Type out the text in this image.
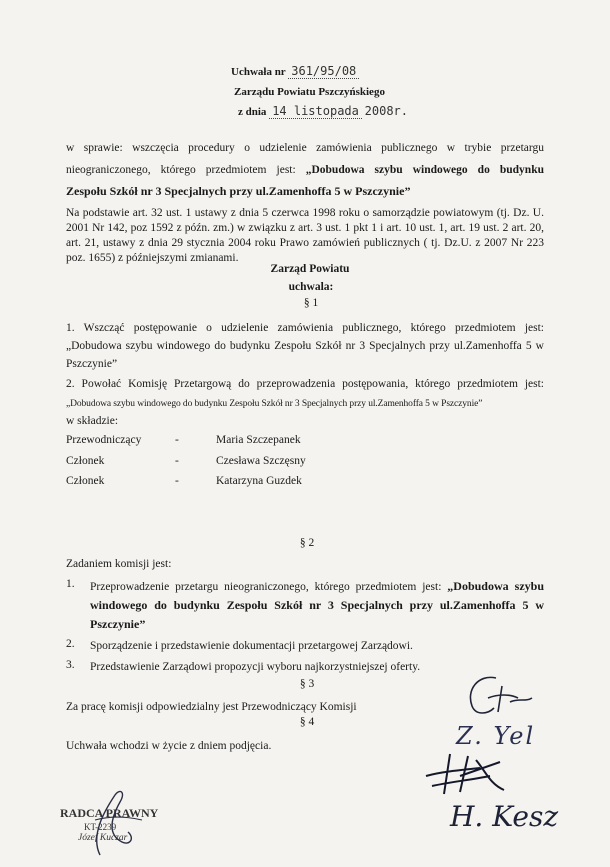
Uchwała nr 361/95/08
Zarządu Powiatu Pszczyńskiego
z dnia 14 listopada 2008r.
w sprawie: wszczęcia procedury o udzielenie zamówienia publicznego w trybie przetargu
nieograniczonego, którego przedmiotem jest: „Dobudowa szybu windowego do budynku
Zespołu Szkół nr 3 Specjalnych przy ul.Zamenhoffa 5 w Pszczynie”
Na podstawie art. 32 ust. 1 ustawy z dnia 5 czerwca 1998 roku o samorządzie powiatowym (tj. Dz. U.
2001 Nr 142, poz 1592 z późn. zm.) w związku z art. 3 ust. 1 pkt 1 i art. 10 ust. 1, art. 19 ust. 2 art. 20,
art. 21, ustawy z dnia 29 stycznia 2004 roku Prawo zamówień publicznych ( tj. Dz.U. z 2007 Nr 223
poz. 1655) z późniejszymi zmianami.
Zarząd Powiatu
uchwala:
§ 1
1. Wszcząć postępowanie o udzielenie zamówienia publicznego, którego przedmiotem jest:
„Dobudowa szybu windowego do budynku Zespołu Szkół nr 3 Specjalnych przy ul.Zamenhoffa 5 w
Pszczynie”
2. Powołać Komisję Przetargową do przeprowadzenia postępowania, którego przedmiotem jest:
„Dobudowa szybu windowego do budynku Zespołu Szkół nr 3 Specjalnych przy ul.Zamenhoffa 5 w Pszczynie”
w składzie:
Przewodniczący	-	Maria Szczepanek
Członek	-	Czesława Szczęsny
Członek	-	Katarzyna Guzdek
§ 2
Zadaniem komisji jest:
1. Przeprowadzenie przetargu nieograniczonego, którego przedmiotem jest: „Dobudowa szybu
windowego do budynku Zespołu Szkół nr 3 Specjalnych przy ul.Zamenhoffa 5 w
Pszczynie”
2. Sporządzenie i przedstawienie dokumentacji przetargowej Zarządowi.
3. Przedstawienie Zarządowi propozycji wyboru najkorzystniejszej oferty.
§ 3
Za pracę komisji odpowiedzialny jest Przewodniczący Komisji
§ 4
Uchwała wchodzi w życie z dniem podjęcia.
RADCA PRAWNY
KT-2239
Józef Kuczar
Z. Yel
H. Kesz
